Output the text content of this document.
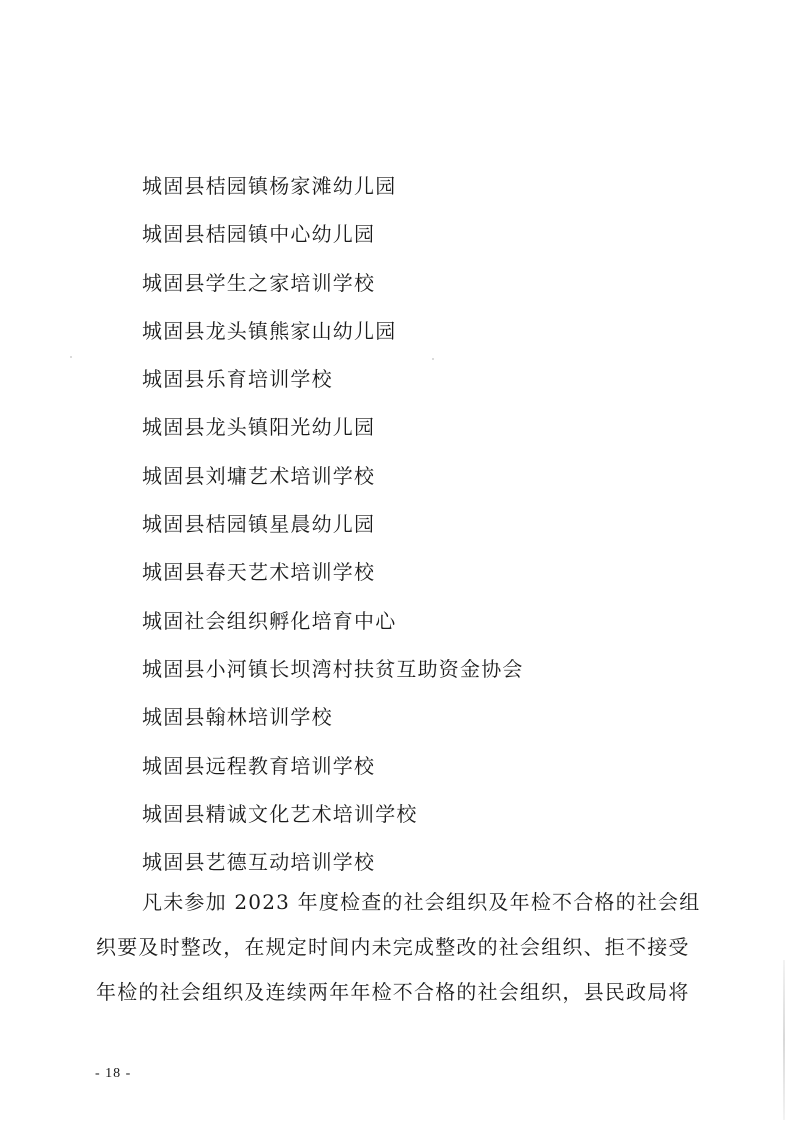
城固县桔园镇杨家滩幼儿园
城固县桔园镇中心幼儿园
城固县学生之家培训学校
城固县龙头镇熊家山幼儿园
城固县乐育培训学校
城固县龙头镇阳光幼儿园
城固县刘墉艺术培训学校
城固县桔园镇星晨幼儿园
城固县春天艺术培训学校
城固社会组织孵化培育中心
城固县小河镇长坝湾村扶贫互助资金协会
城固县翰林培训学校
城固县远程教育培训学校
城固县精诚文化艺术培训学校
城固县艺德互动培训学校
凡未参加 2023 年度检查的社会组织及年检不合格的社会组
织要及时整改，在规定时间内未完成整改的社会组织、拒不接受
年检的社会组织及连续两年年检不合格的社会组织，县民政局将
- 18 -
